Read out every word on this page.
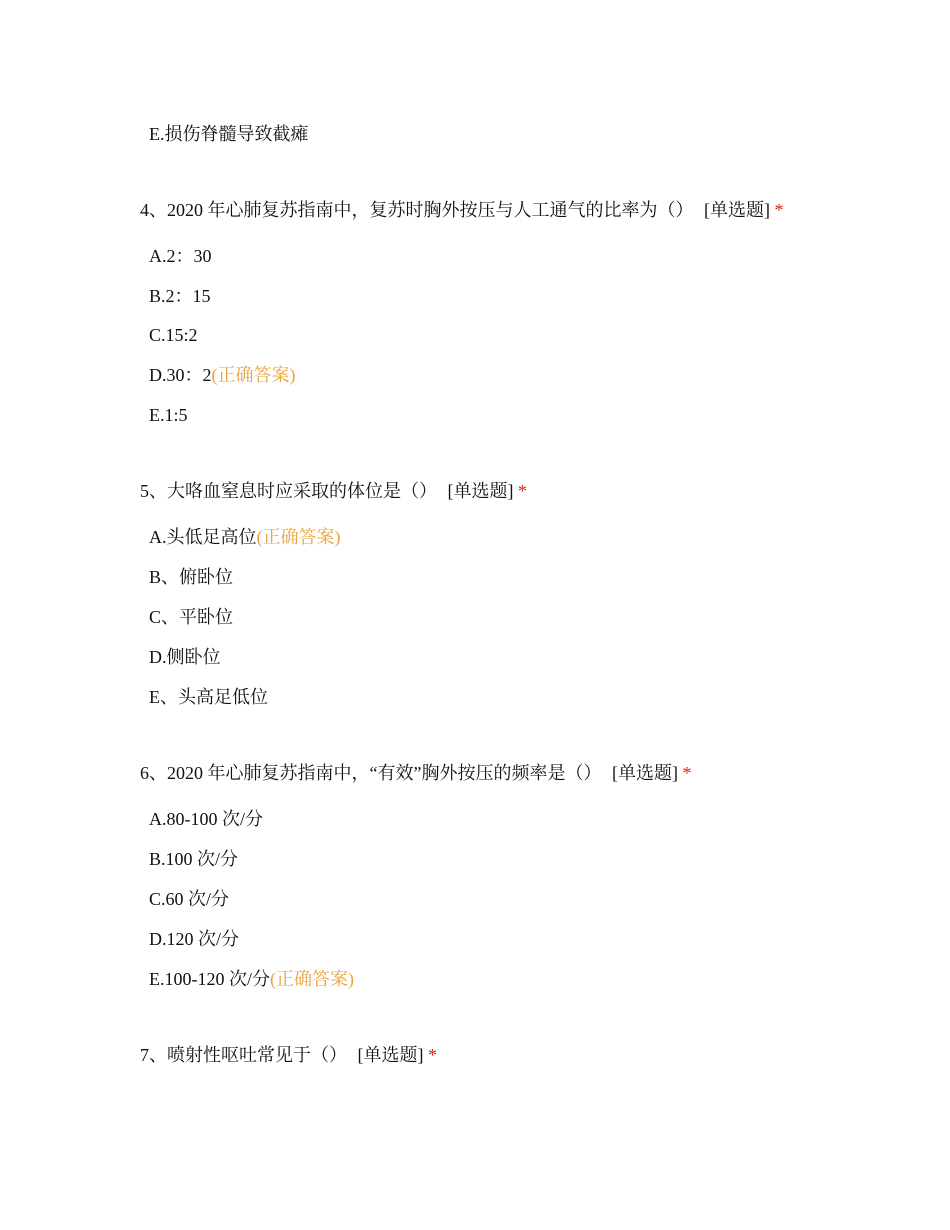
E.损伤脊髓导致截瘫
4、2020 年心肺复苏指南中，复苏时胸外按压与人工通气的比率为（） [单选题] *
A.2：30
B.2：15
C.15:2
D.30：2(正确答案)
E.1:5
5、大咯血窒息时应采取的体位是（） [单选题] *
A.头低足高位(正确答案)
B、俯卧位
C、平卧位
D.侧卧位
E、头高足低位
6、2020 年心肺复苏指南中，“有效”胸外按压的频率是（） [单选题] *
A.80-100 次/分
B.100 次/分
C.60 次/分
D.120 次/分
E.100-120 次/分(正确答案)
7、喷射性呕吐常见于（） [单选题] *
